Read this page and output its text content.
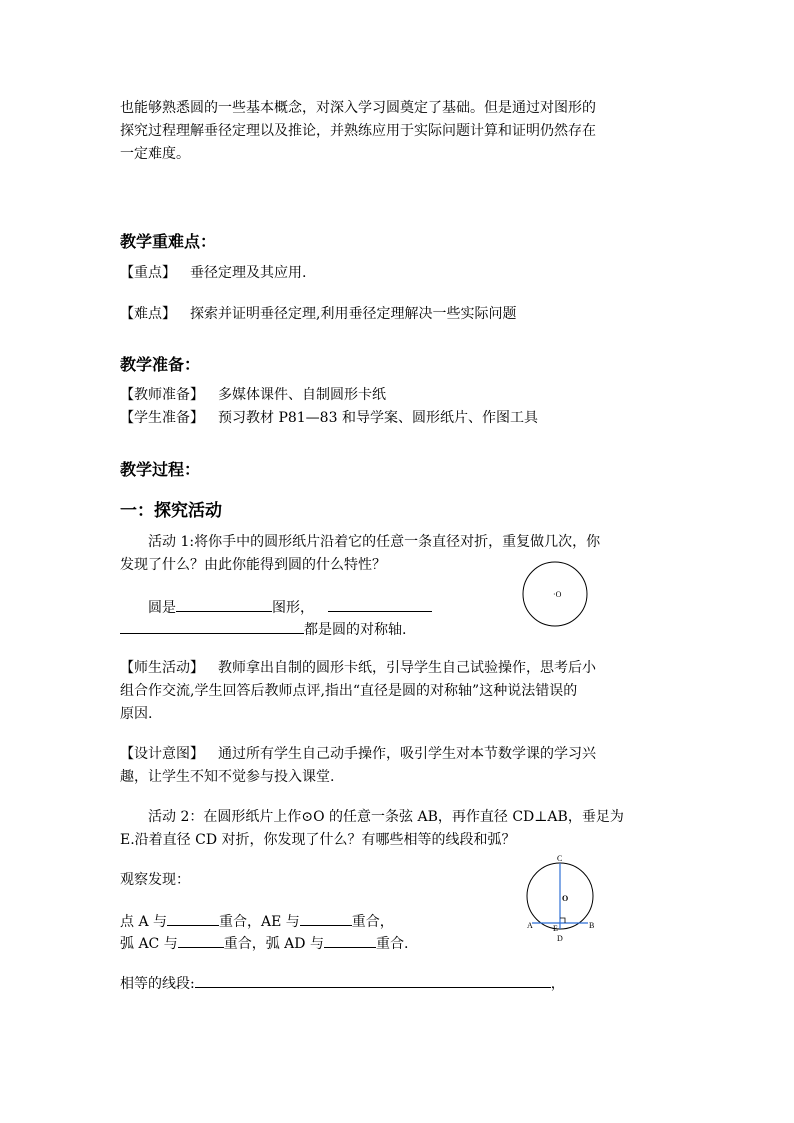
也能够熟悉圆的一些基本概念，对深入学习圆奠定了基础。但是通过对图形的

探究过程理解垂径定理以及推论，并熟练应用于实际问题计算和证明仍然存在

一定难度。

教学重难点：

【重点】 垂径定理及其应用.

【难点】 探索并证明垂径定理,利用垂径定理解决一些实际问题

教学准备：

【教师准备】 多媒体课件、自制圆形卡纸

【学生准备】 预习教材 P81—83 和导学案、圆形纸片、作图工具

教学过程：
一：探究活动

活动 1:将你手中的圆形纸片沿着它的任意一条直径对折，重复做几次，你

发现了什么？由此你能得到圆的什么特性？

圆是	图形，

都是圆的对称轴.

·O

【师生活动】 教师拿出自制的圆形卡纸，引导学生自己试验操作，思考后小

组合作交流,学生回答后教师点评,指出“直径是圆的对称轴”这种说法错误的

原因.

【设计意图】 通过所有学生自己动手操作，吸引学生对本节数学课的学习兴

趣，让学生不知不觉参与投入课堂.

活动 2：在圆形纸片上作⊙O 的任意一条弦 AB，再作直径 CD⊥AB，垂足为

E.沿着直径 CD 对折，你发现了什么？有哪些相等的线段和弧？

观察发现：

点 A 与	重合，AE 与	重合，

弧 AC 与	重合，弧 AD 与	重合.

相等的线段:	，

C
O
A	E	B
D
